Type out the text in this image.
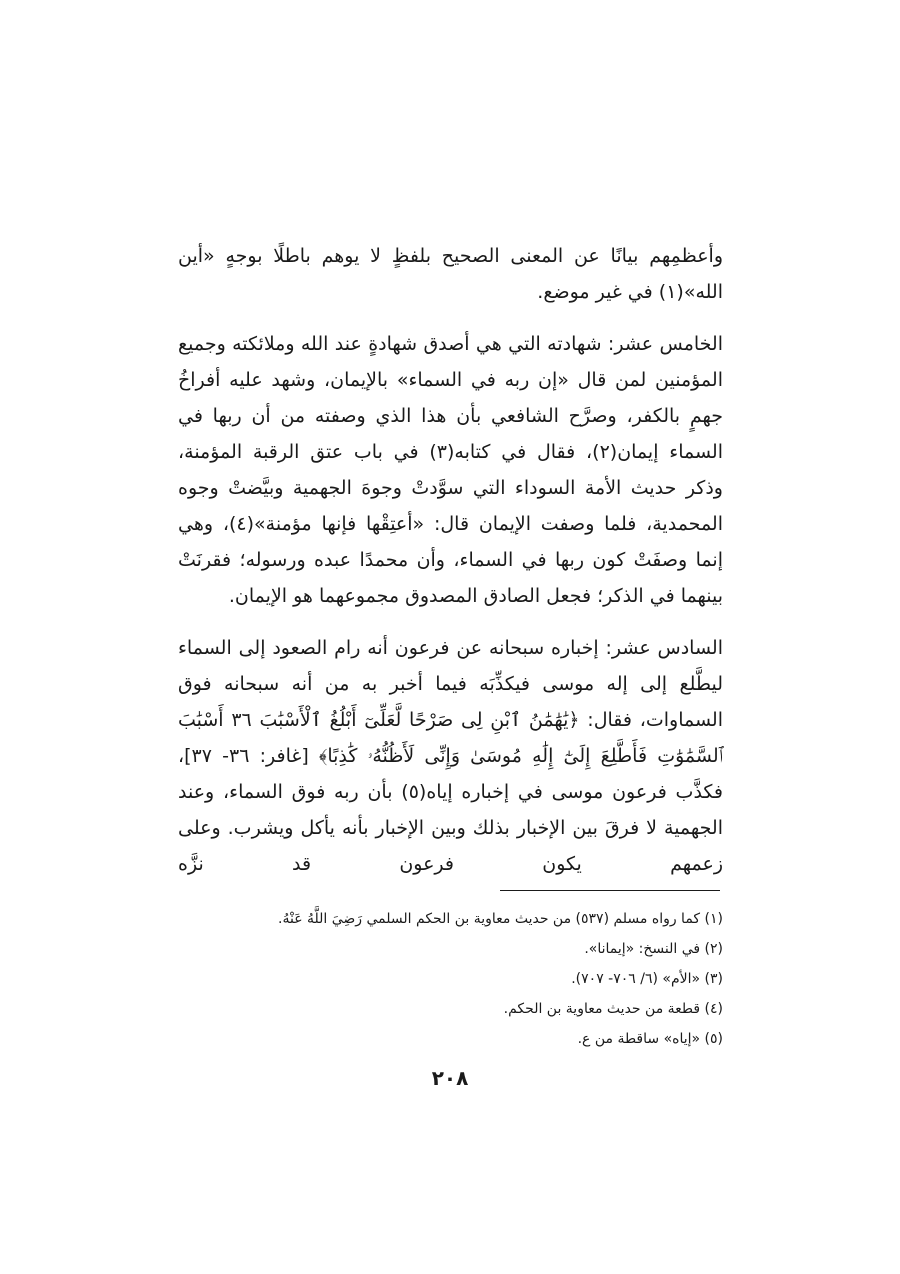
وأعظمِهم بيانًا عن المعنى الصحيح بلفظٍ لا يوهم باطلًا بوجهٍ «أين الله»(١) في غير موضع.

الخامس عشر: شهادته التي هي أصدق شهادةٍ عند الله وملائكته وجميع المؤمنين لمن قال «إن ربه في السماء» بالإيمان، وشهد عليه أفراخُ جهمٍ بالكفر، وصرَّح الشافعي بأن هذا الذي وصفته من أن ربها في السماء إيمان(٢)، فقال في كتابه(٣) في باب عتق الرقبة المؤمنة، وذكر حديث الأمة السوداء التي سوَّدتْ وجوهَ الجهمية وبيَّضتْ وجوه المحمدية، فلما وصفت الإيمان قال: «أعتِقْها فإنها مؤمنة»(٤)، وهي إنما وصفَتْ كون ربها في السماء، وأن محمدًا عبده ورسوله؛ فقرنَتْ بينهما في الذكر؛ فجعل الصادق المصدوق مجموعهما هو الإيمان.

السادس عشر: إخباره سبحانه عن فرعون أنه رام الصعود إلى السماء ليطَّلع إلى إله موسى فيكذِّبَه فيما أخبر به من أنه سبحانه فوق السماوات، فقال: ﴿يَٰهَٰمَٰنُ ٱبْنِ لِى صَرْحًا لَّعَلِّىٓ أَبْلُغُ ٱلْأَسْبَٰبَ ٣٦ أَسْبَٰبَ ٱلسَّمَٰوَٰتِ فَأَطَّلِعَ إِلَىٰٓ إِلَٰهِ مُوسَىٰ وَإِنِّى لَأَظُنُّهُۥ كَٰذِبًا﴾ [غافر: ٣٦- ٣٧]، فكذَّب فرعون موسى في إخباره إياه(٥) بأن ربه فوق السماء، وعند الجهمية لا فرقَ بين الإخبار بذلك وبين الإخبار بأنه يأكل ويشرب. وعلى زعمهم يكون فرعون قد نزَّه

(١) كما رواه مسلم (٥٣٧) من حديث معاوية بن الحكم السلمي رَضِيَ اللَّهُ عَنْهُ.

(٢) في النسخ: «إيمانا».

(٣) «الأم» (٦/ ٧٠٦- ٧٠٧).

(٤) قطعة من حديث معاوية بن الحكم.

(٥) «إياه» ساقطة من ع.

٢٠٨
